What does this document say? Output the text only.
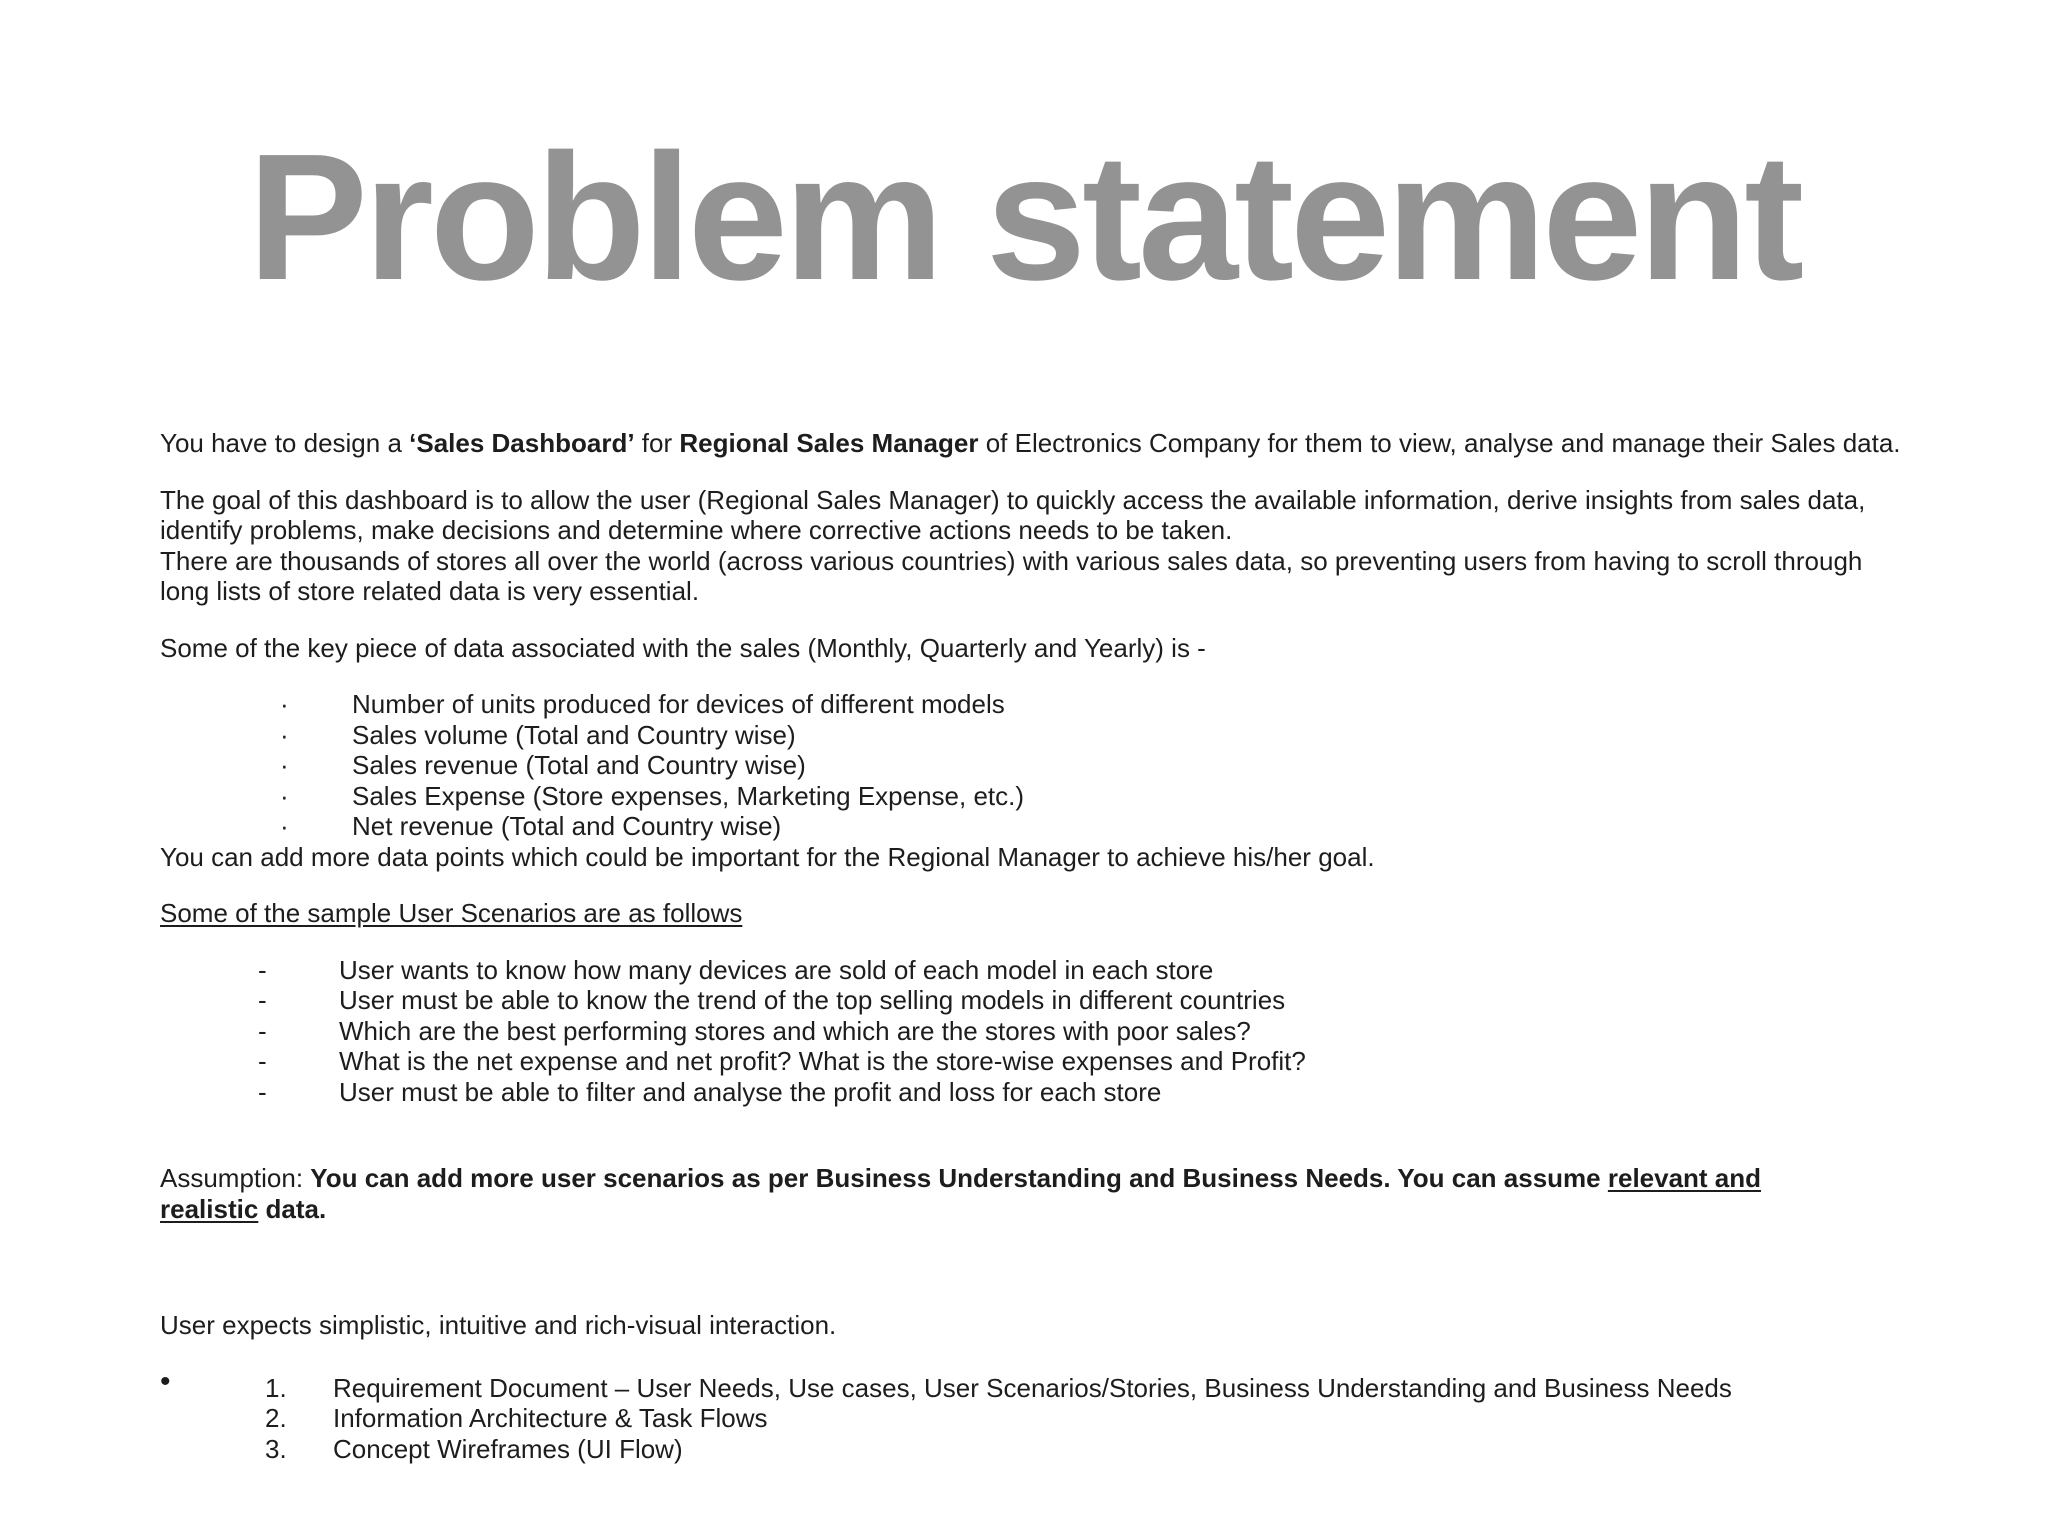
Problem statement

You have to design a ‘Sales Dashboard’ for Regional Sales Manager of Electronics Company for them to view, analyse and manage their Sales data.

The goal of this dashboard is to allow the user (Regional Sales Manager) to quickly access the available information, derive insights from sales data,

identify problems, make decisions and determine where corrective actions needs to be taken.

There are thousands of stores all over the world (across various countries) with various sales data, so preventing users from having to scroll through

long lists of store related data is very essential.

Some of the key piece of data associated with the sales (Monthly, Quarterly and Yearly) is -

· Number of units produced for devices of different models
· Sales volume (Total and Country wise)
· Sales revenue (Total and Country wise)
· Sales Expense (Store expenses, Marketing Expense, etc.)
· Net revenue (Total and Country wise)

You can add more data points which could be important for the Regional Manager to achieve his/her goal.

Some of the sample User Scenarios are as follows

-	User wants to know how many devices are sold of each model in each store
-	User must be able to know the trend of the top selling models in different countries
-	Which are the best performing stores and which are the stores with poor sales?
-	What is the net expense and net profit? What is the store-wise expenses and Profit?
-	User must be able to filter and analyse the profit and loss for each store

Assumption: You can add more user scenarios as per Business Understanding and Business Needs. You can assume relevant and

realistic data.

User expects simplistic, intuitive and rich-visual interaction.

•	1. Requirement Document – User Needs, Use cases, User Scenarios/Stories, Business Understanding and Business Needs
2. Information Architecture & Task Flows
3. Concept Wireframes (UI Flow)
